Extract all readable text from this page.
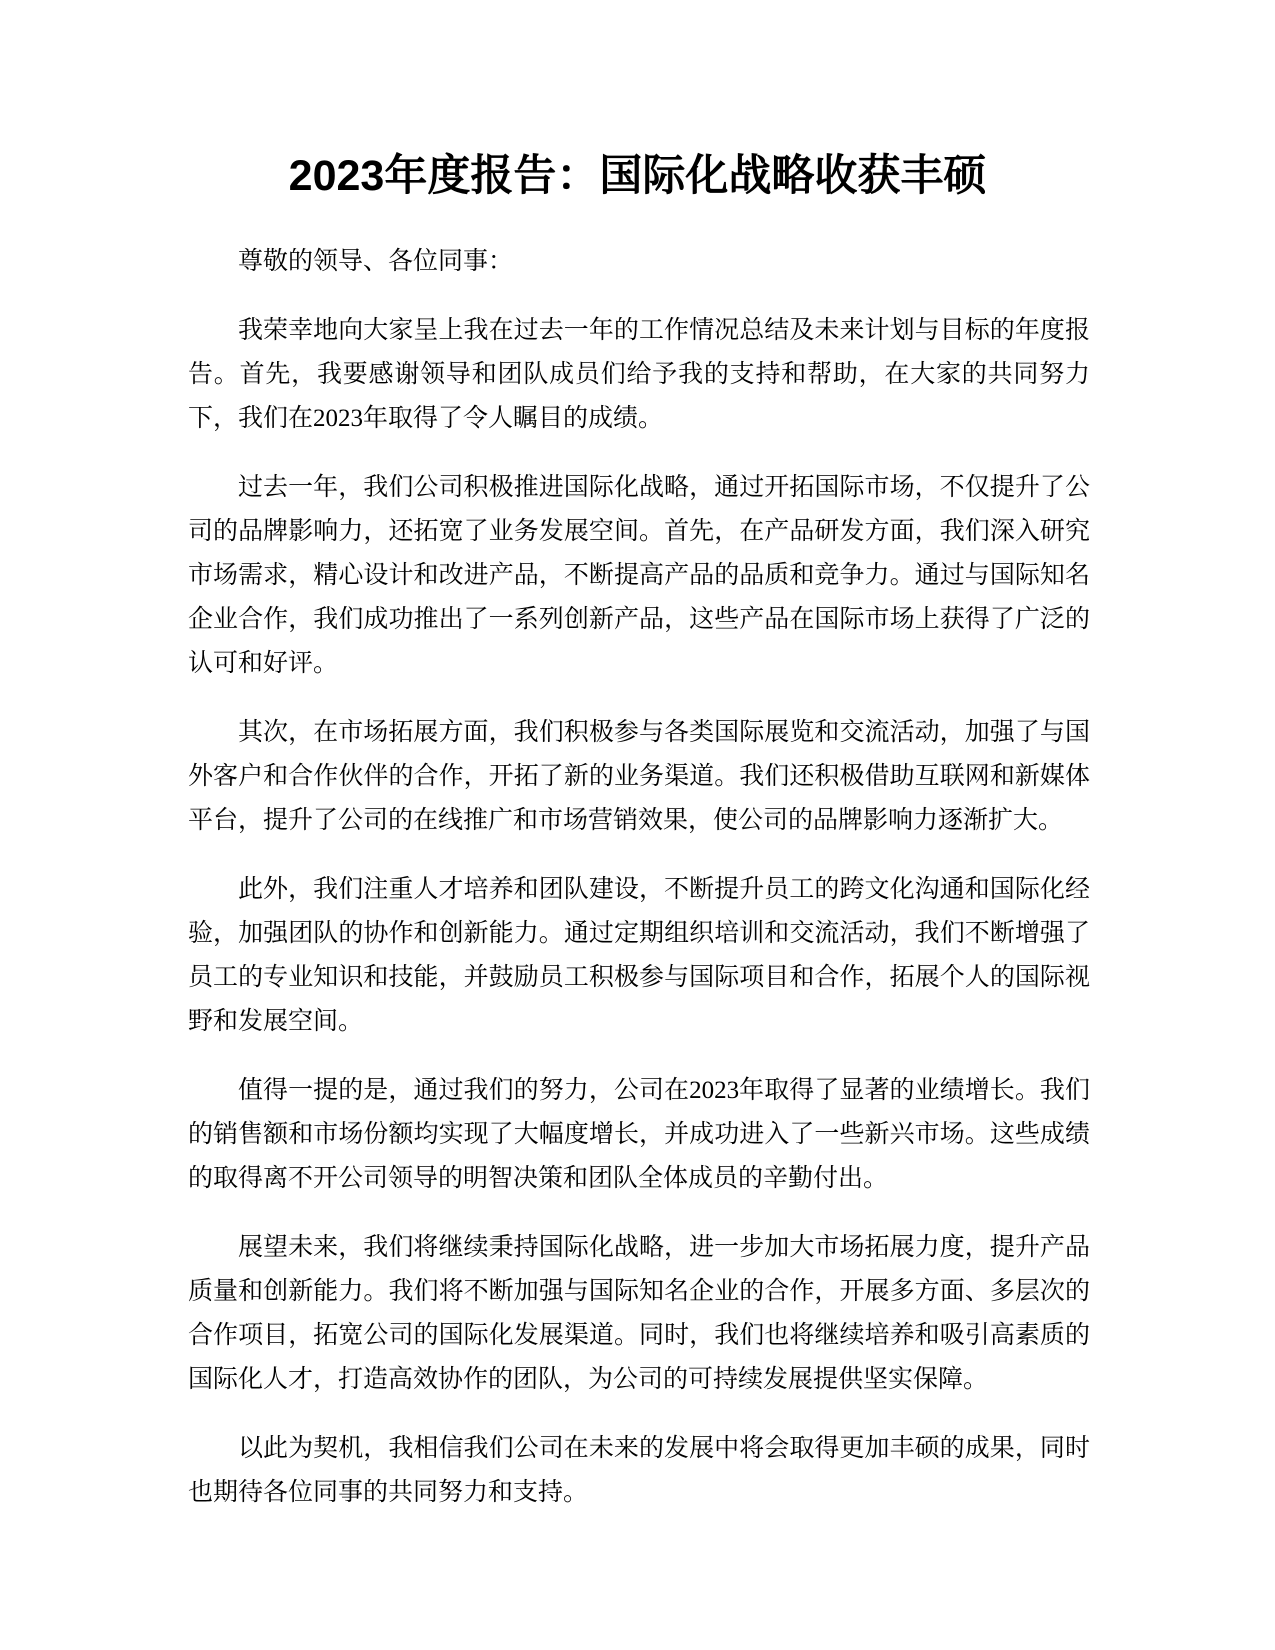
2023年度报告：国际化战略收获丰硕

尊敬的领导、各位同事：

我荣幸地向大家呈上我在过去一年的工作情况总结及未来计划与目标的年度报告。首先，我要感谢领导和团队成员们给予我的支持和帮助，在大家的共同努力下，我们在2023年取得了令人瞩目的成绩。

过去一年，我们公司积极推进国际化战略，通过开拓国际市场，不仅提升了公司的品牌影响力，还拓宽了业务发展空间。首先，在产品研发方面，我们深入研究市场需求，精心设计和改进产品，不断提高产品的品质和竞争力。通过与国际知名企业合作，我们成功推出了一系列创新产品，这些产品在国际市场上获得了广泛的认可和好评。

其次，在市场拓展方面，我们积极参与各类国际展览和交流活动，加强了与国外客户和合作伙伴的合作，开拓了新的业务渠道。我们还积极借助互联网和新媒体平台，提升了公司的在线推广和市场营销效果，使公司的品牌影响力逐渐扩大。

此外，我们注重人才培养和团队建设，不断提升员工的跨文化沟通和国际化经验，加强团队的协作和创新能力。通过定期组织培训和交流活动，我们不断增强了员工的专业知识和技能，并鼓励员工积极参与国际项目和合作，拓展个人的国际视野和发展空间。

值得一提的是，通过我们的努力，公司在2023年取得了显著的业绩增长。我们的销售额和市场份额均实现了大幅度增长，并成功进入了一些新兴市场。这些成绩的取得离不开公司领导的明智决策和团队全体成员的辛勤付出。

展望未来，我们将继续秉持国际化战略，进一步加大市场拓展力度，提升产品质量和创新能力。我们将不断加强与国际知名企业的合作，开展多方面、多层次的合作项目，拓宽公司的国际化发展渠道。同时，我们也将继续培养和吸引高素质的国际化人才，打造高效协作的团队，为公司的可持续发展提供坚实保障。

以此为契机，我相信我们公司在未来的发展中将会取得更加丰硕的成果，同时也期待各位同事的共同努力和支持。
